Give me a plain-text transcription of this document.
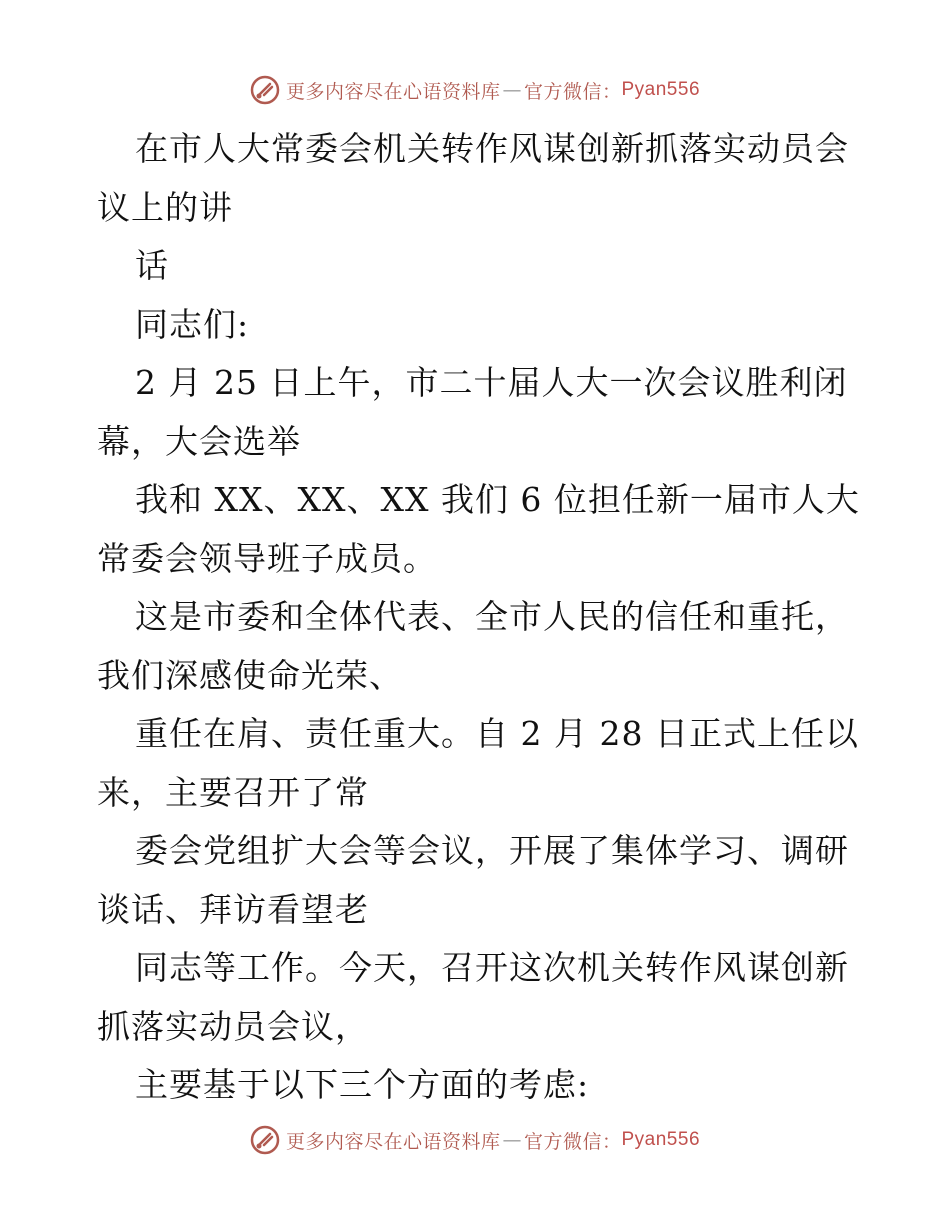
更多内容尽在心语资料库 — 官方微信： Pyan556
在市人大常委会机关转作风谋创新抓落实动员会
议上的讲
话
同志们:
2 月 25 日上午，市二十届人大一次会议胜利闭
幕，大会选举
我和 XX、XX、XX 我们 6 位担任新一届市人大
常委会领导班子成员。
这是市委和全体代表、全市人民的信任和重托，
我们深感使命光荣、
重任在肩、责任重大。自 2 月 28 日正式上任以
来，主要召开了常
委会党组扩大会等会议，开展了集体学习、调研
谈话、拜访看望老
同志等工作。今天，召开这次机关转作风谋创新
抓落实动员会议，
主要基于以下三个方面的考虑:
更多内容尽在心语资料库 — 官方微信： Pyan556
